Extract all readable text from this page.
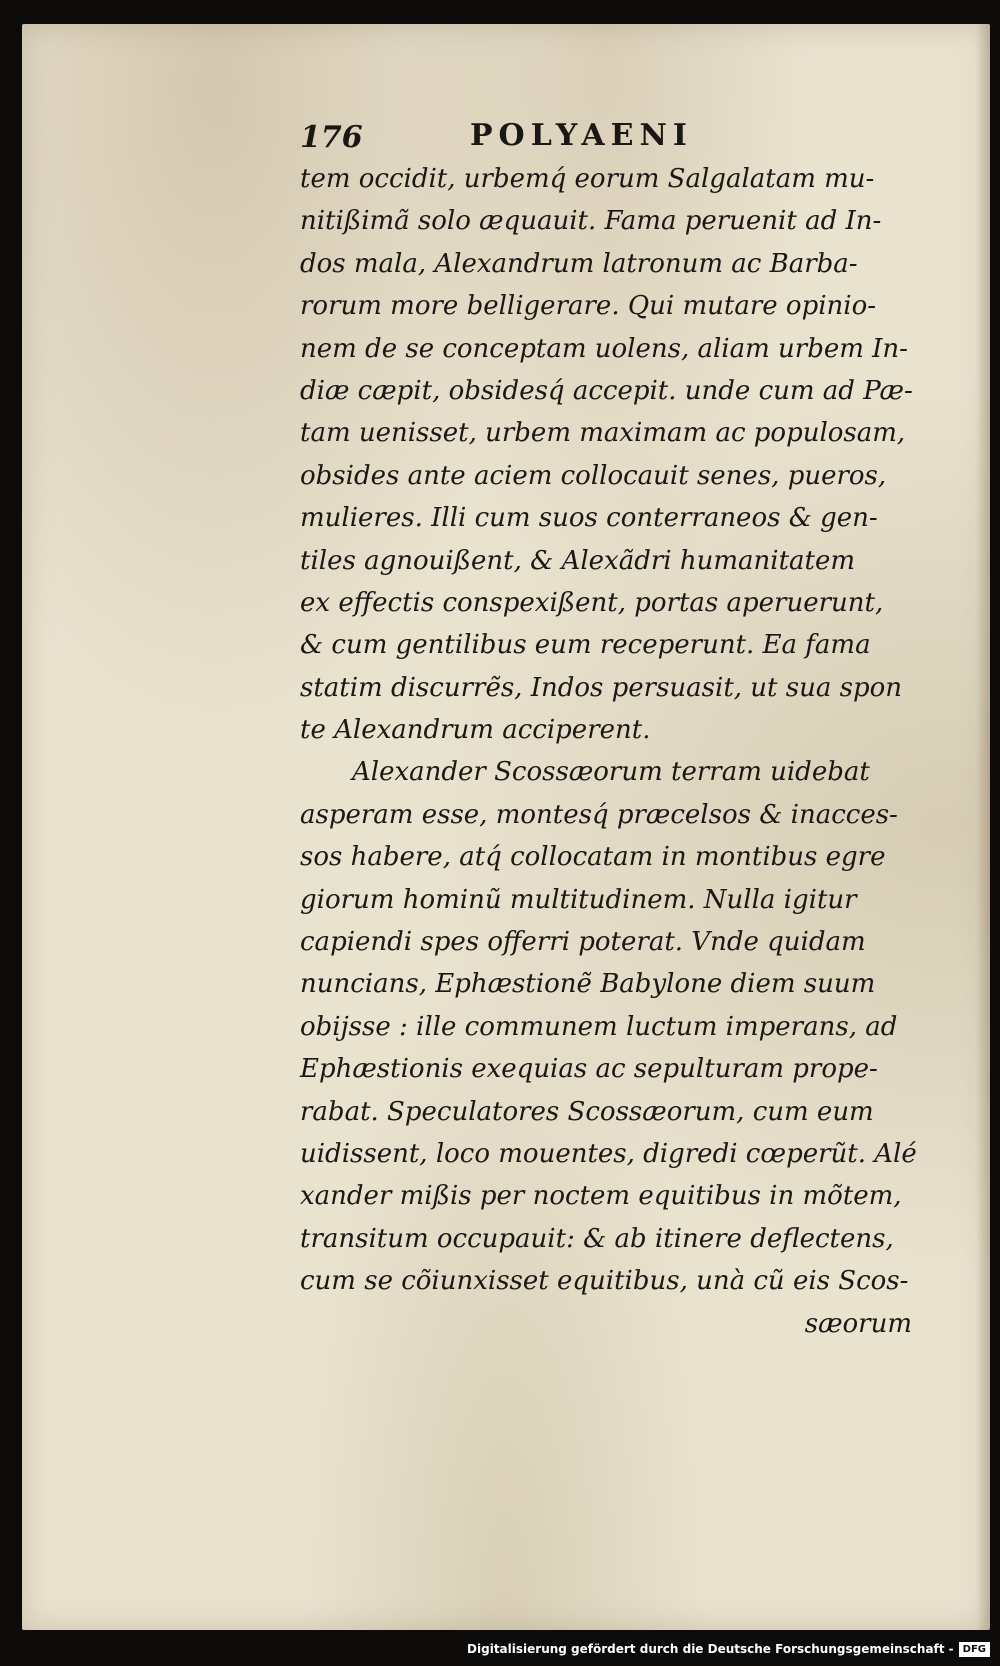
176	POLYAENI
tem occidit, urbemq́ eorum Salgalatam mu-
nitißimã solo æquauit. Fama peruenit ad In-
dos mala, Alexandrum latronum ac Barba-
rorum more belligerare. Qui mutare opinio-
nem de se conceptam uolens, aliam urbem In-
diæ cæpit, obsidesq́ accepit. unde cum ad Pæ-
tam uenisset, urbem maximam ac populosam,
obsides ante aciem collocauit senes, pueros,
mulieres. Illi cum suos conterraneos & gen-
tiles agnouißent, & Alexãdri humanitatem
ex effectis conspexißent, portas aperuerunt,
& cum gentilibus eum receperunt. Ea fama
statim discurrẽs, Indos persuasit, ut sua spon
te Alexandrum acciperent.
Alexander Scossæorum terram uidebat
asperam esse, montesq́ præcelsos & inacces-
sos habere, atq́ collocatam in montibus egre
giorum hominũ multitudinem. Nulla igitur
capiendi spes offerri poterat. Vnde quidam
nuncians, Ephæstionẽ Babylone diem suum
obijsse : ille communem luctum imperans, ad
Ephæstionis exequias ac sepulturam prope-
rabat. Speculatores Scossæorum, cum eum
uidissent, loco mouentes, digredi cœperũt. Alé
xander mißis per noctem equitibus in mõtem,
transitum occupauit: & ab itinere deflectens,
cum se cõiunxisset equitibus, unà cũ eis Scos-
sæorum
Digitalisierung gefördert durch die Deutsche Forschungsgemeinschaft - DFG
